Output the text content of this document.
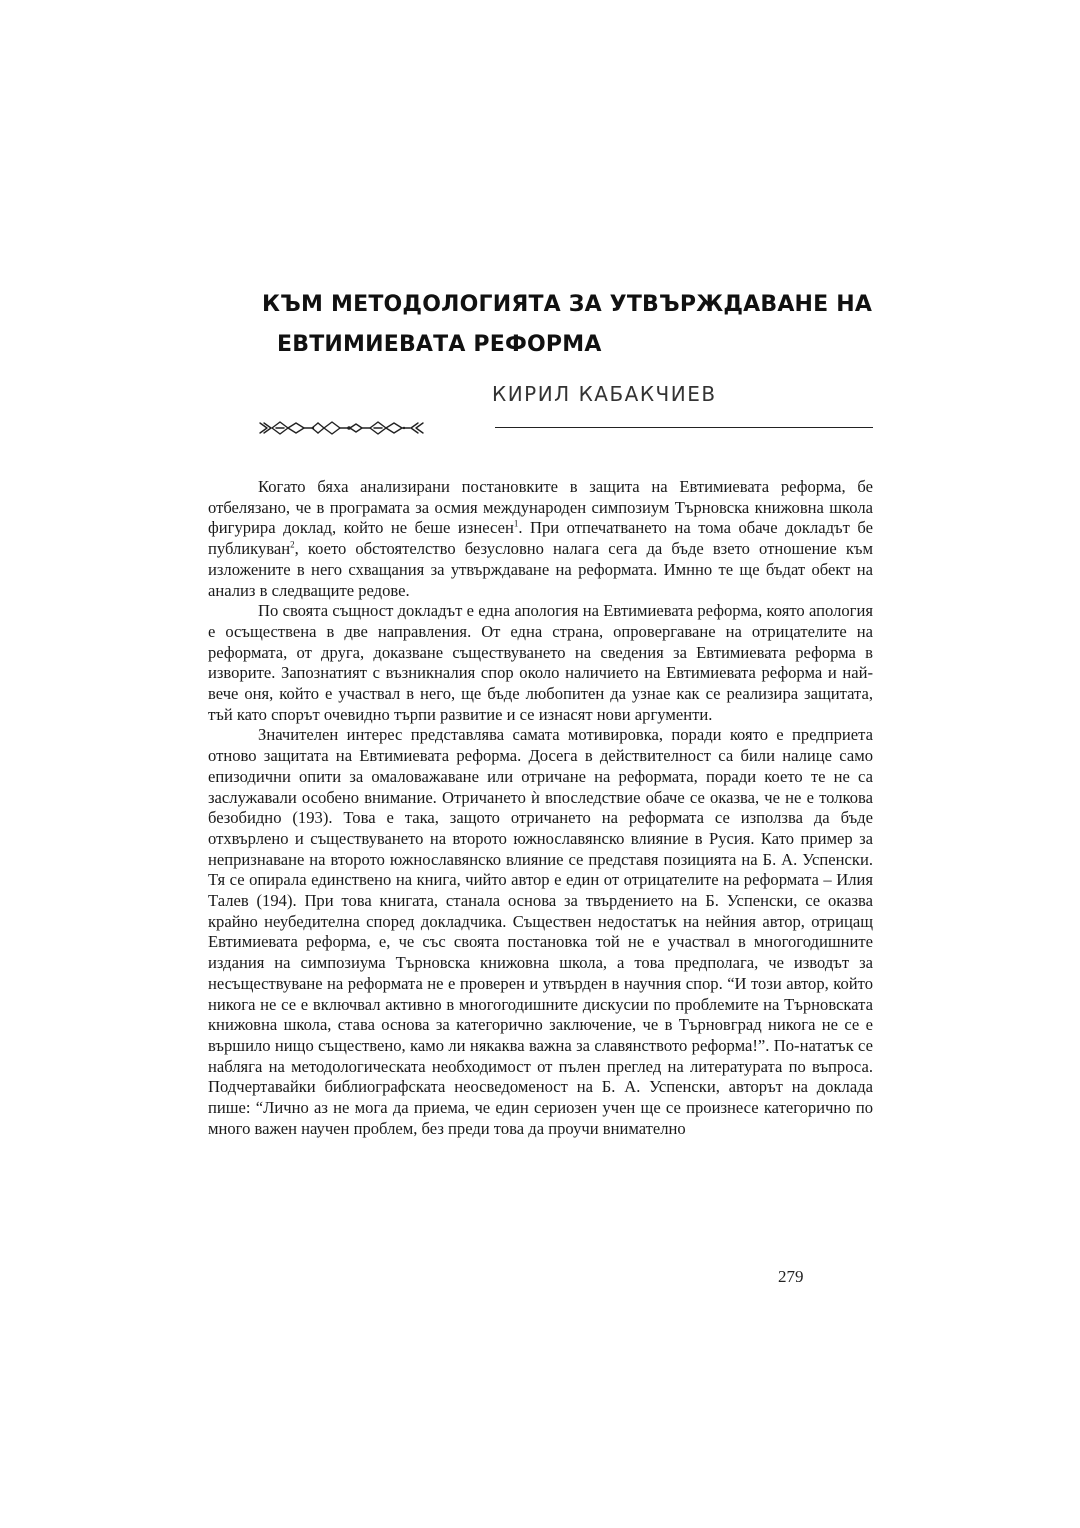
КЪМ МЕТОДОЛОГИЯТА ЗА УТВЪРЖДАВАНЕ НА
ЕВТИМИЕВАТА РЕФОРМА
КИРИЛ КАБАКЧИЕВ

Когато бяха анализирани постановките в защита на Евтимиевата реформа, бе отбелязано, че в програмата за осмия международен симпозиум Търновска книжовна школа фигурира доклад, който не беше изнесен$^1$. При отпечатването на тома обаче докладът бе публикуван$^2$, което обстоятелство безусловно налага сега да бъде взето отношение към изложените в него схващания за утвърждаване на реформата. Имнно те ще бъдат обект на анализ в следващите редове.

По своята същност докладът е една апология на Евтимиевата реформа, която апология е осъществена в две направления. От една страна, опровергаване на отрицателите на реформата, от друга, доказване съществуването на сведения за Евтимиевата реформа в изворите. Запознатият с възникналия спор около наличието на Евтимиевата реформа и най-вече оня, който е участвал в него, ще бъде любопитен да узнае как се реализира защитата, тъй като спорът очевидно търпи развитие и се изнасят нови аргументи.

Значителен интерес представлява самата мотивировка, поради която е предприета отново защитата на Евтимиевата реформа. Досега в действителност са били налице само епизодични опити за омаловажаване или отричане на реформата, поради което те не са заслужавали особено внимание. Отричането ѝ впоследствие обаче се оказва, че не е толкова безобидно (193). Това е така, защото отричането на реформата се използва да бъде отхвърлено и съществуването на второто южнославянско влияние в Русия. Като пример за непризнаване на второто южнославянско влияние се представя позицията на Б. А. Успенски. Тя се опирала единствено на книга, чийто автор е един от отрицателите на реформата – Илия Талев (194). При това книгата, станала основа за твърдението на Б. Успенски, се оказва крайно неубедителна според докладчика. Съществен недостатък на нейния автор, отрицащ Евтимиевата реформа, е, че със своята постановка той не е участвал в многогодишните издания на симпозиума Търновска книжовна школа, а това предполага, че изводът за несъществуване на реформата не е проверен и утвърден в научния спор. “И този автор, който никога не се е включвал активно в многогодишните дискусии по проблемите на Търновската книжовна школа, става основа за категорично заключение, че в Търновград никога не се е вършило нищо съществено, камо ли някаква важна за славянството реформа!”. По-нататък се наблягa на методологическата необходимост от пълен преглед на литературата по въпроса. Подчертавайки библиографската неосведоменост на Б. А. Успенски, авторът на доклада пише: “Лично аз не мога да приема, че един сериозен учен ще се произнесе категорично по много важен научен проблем, без преди това да проучи внимателно

279
